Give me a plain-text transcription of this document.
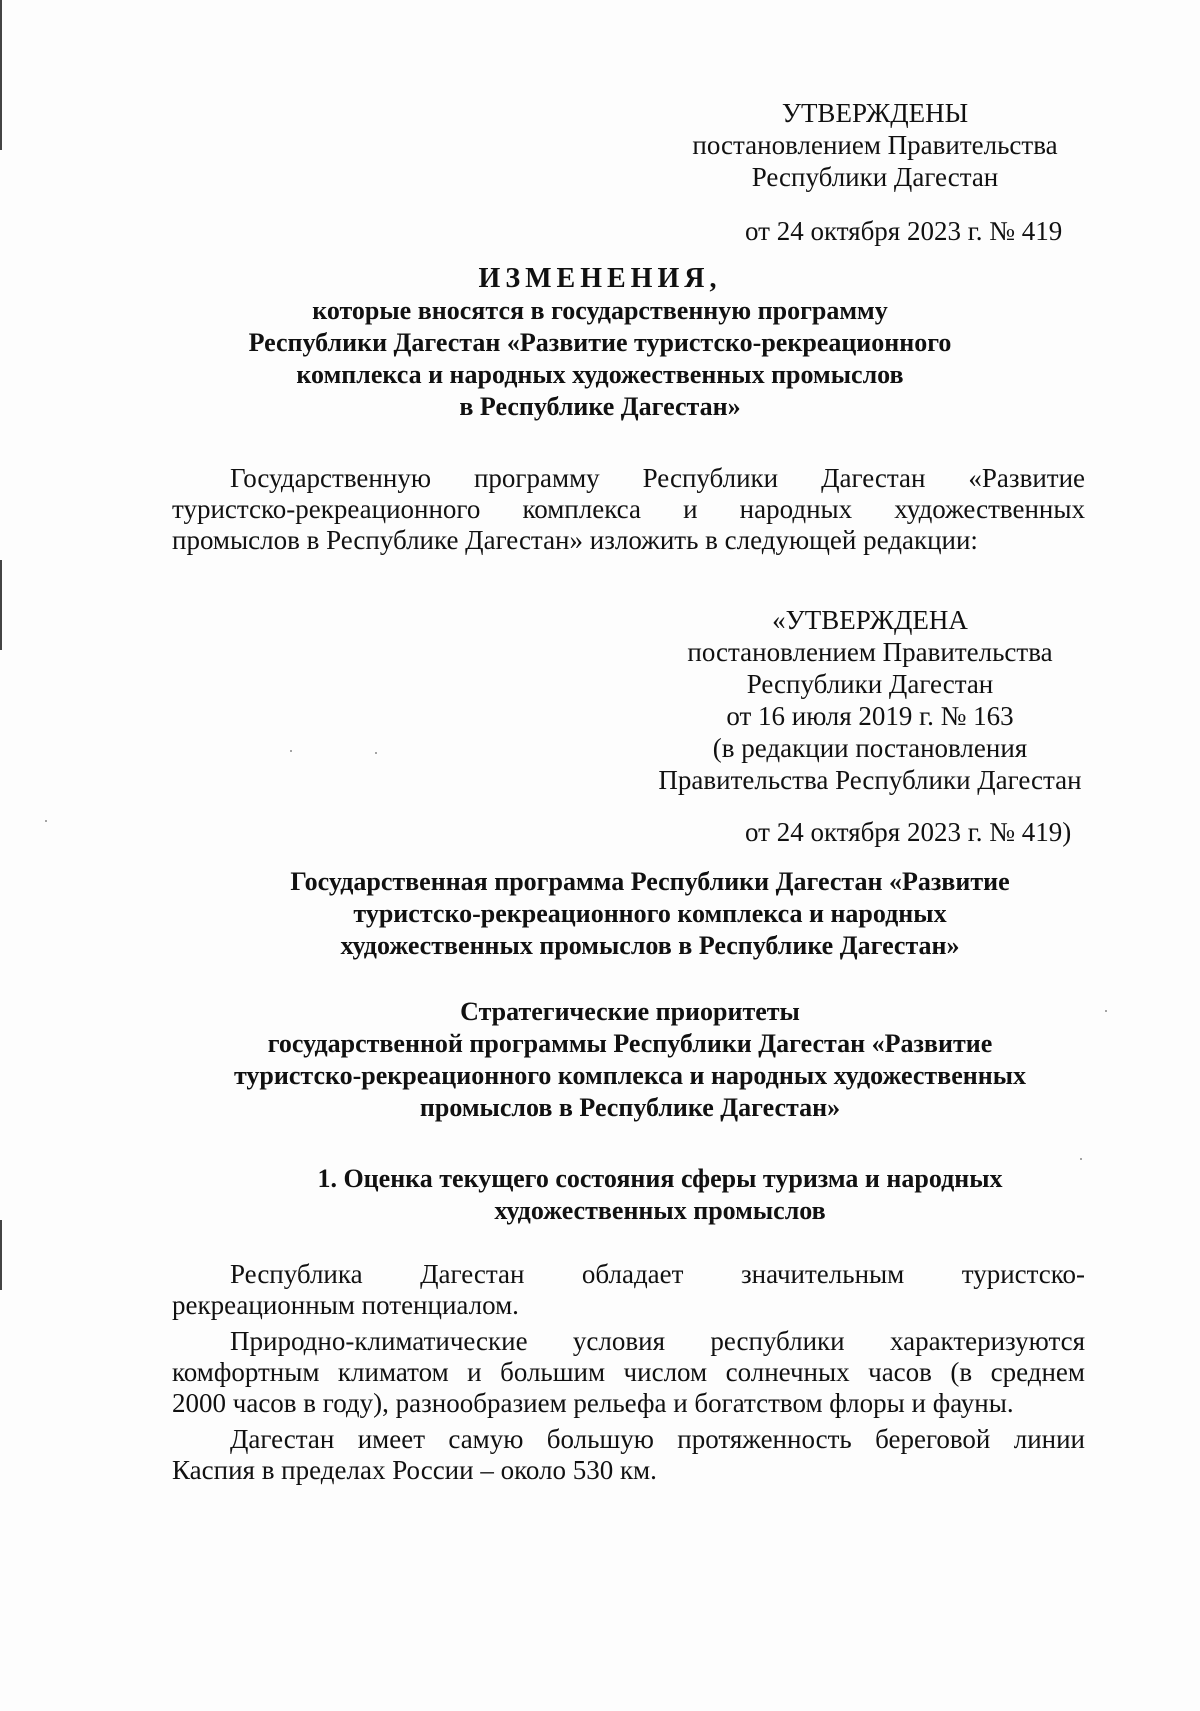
УТВЕРЖДЕНЫ
постановлением Правительства
Республики Дагестан
от 24 октября 2023 г. № 419
ИЗМЕНЕНИЯ,
которые вносятся в государственную программу
Республики Дагестан «Развитие туристско-рекреационного
комплекса и народных художественных промыслов
в Республике Дагестан»
Государственную программу Республики Дагестан «Развитие
туристско-рекреационного комплекса и народных художественных
промыслов в Республике Дагестан» изложить в следующей редакции:
«УТВЕРЖДЕНА
постановлением Правительства
Республики Дагестан
от 16 июля 2019 г. № 163
(в редакции постановления
Правительства Республики Дагестан
от 24 октября 2023 г. № 419)
Государственная программа Республики Дагестан «Развитие
туристско-рекреационного комплекса и народных
художественных промыслов в Республике Дагестан»
Стратегические приоритеты
государственной программы Республики Дагестан «Развитие
туристско-рекреационного комплекса и народных художественных
промыслов в Республике Дагестан»
1. Оценка текущего состояния сферы туризма и народных
художественных промыслов
Республика Дагестан обладает значительным туристско-
рекреационным потенциалом.
Природно-климатические условия республики характеризуются
комфортным климатом и большим числом солнечных часов (в среднем
2000 часов в году), разнообразием рельефа и богатством флоры и фауны.
Дагестан имеет самую большую протяженность береговой линии
Каспия в пределах России – около 530 км.
